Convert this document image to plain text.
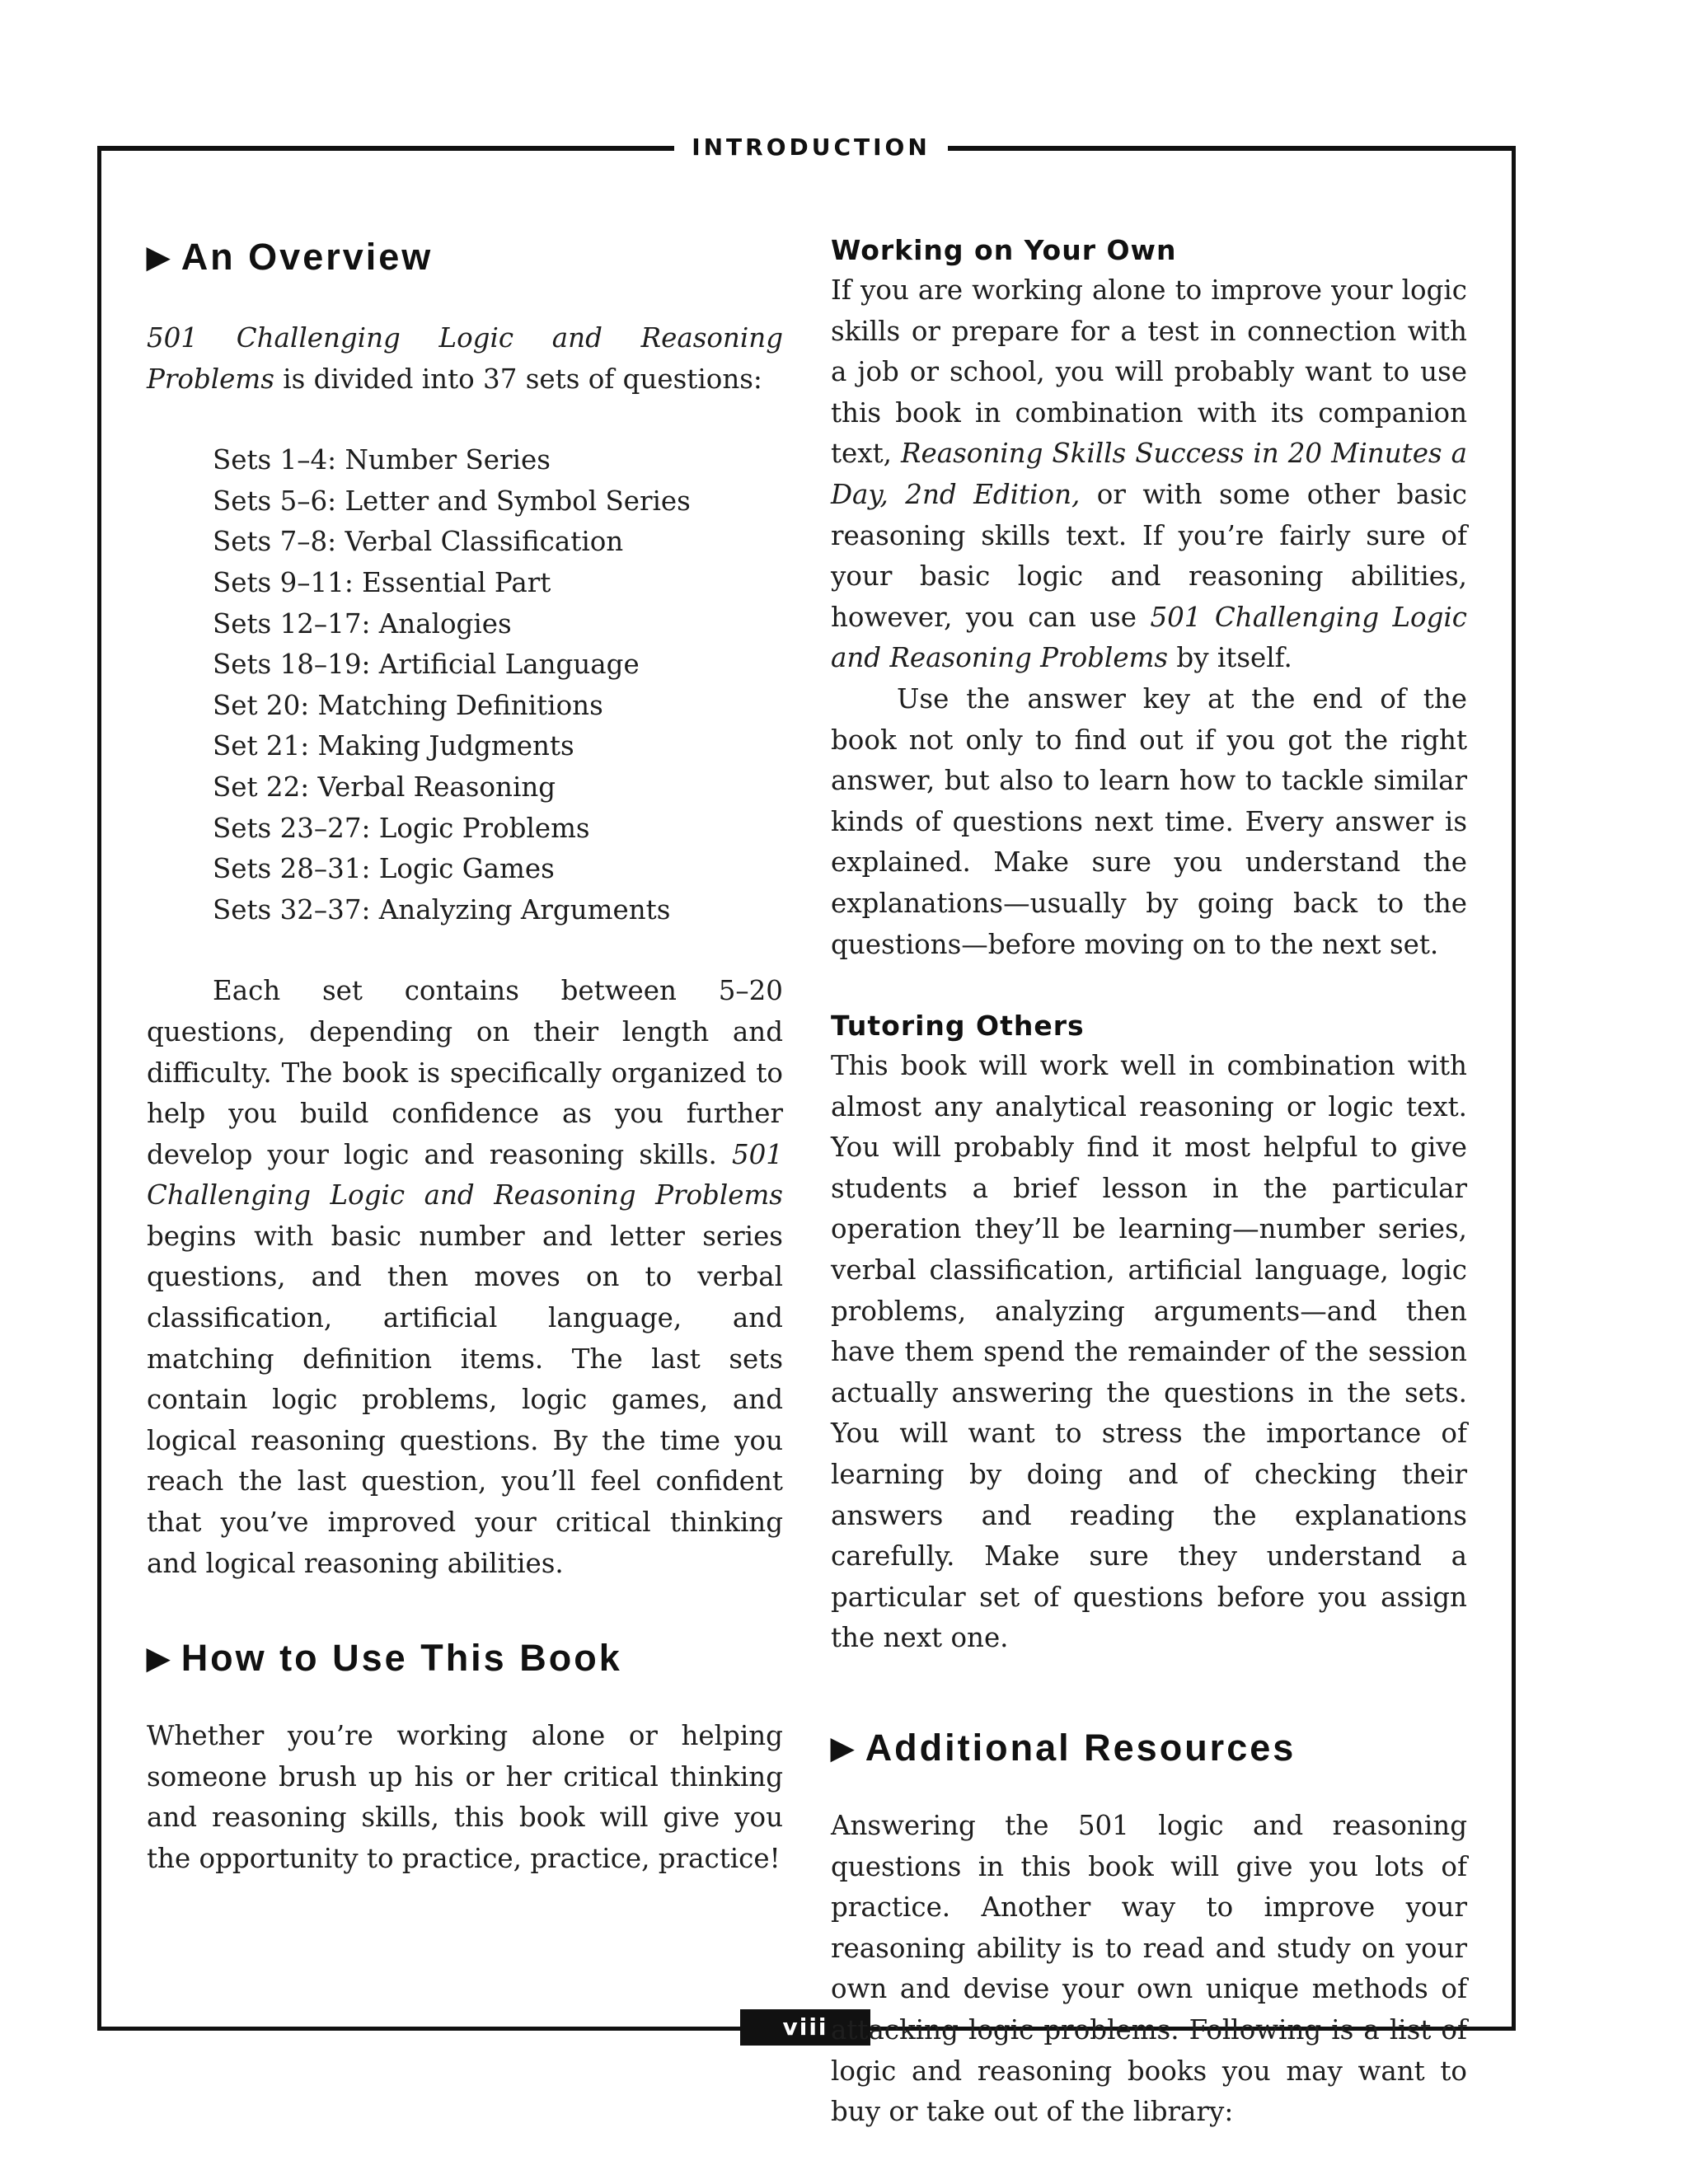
INTRODUCTION
viii
▶ An Overview

501 Challenging Logic and Reasoning Problems is divided into 37 sets of questions:

Sets 1–4: Number Series
Sets 5–6: Letter and Symbol Series
Sets 7–8: Verbal Classification
Sets 9–11: Essential Part
Sets 12–17: Analogies
Sets 18–19: Artificial Language
Set 20: Matching Definitions
Set 21: Making Judgments
Set 22: Verbal Reasoning
Sets 23–27: Logic Problems
Sets 28–31: Logic Games
Sets 32–37: Analyzing Arguments

Each set contains between 5–20 questions, depending on their length and difficulty. The book is specifically organized to help you build confidence as you further develop your logic and reasoning skills. 501 Challenging Logic and Reasoning Problems begins with basic number and letter series questions, and then moves on to verbal classification, artificial language, and matching definition items. The last sets contain logic problems, logic games, and logical reasoning questions. By the time you reach the last question, you’ll feel confident that you’ve improved your critical thinking and logical reasoning abilities.

▶ How to Use This Book

Whether you’re working alone or helping someone brush up his or her critical thinking and reasoning skills, this book will give you the opportunity to practice, practice, practice!

Working on Your Own

If you are working alone to improve your logic skills or prepare for a test in connection with a job or school, you will probably want to use this book in combination with its companion text, Reasoning Skills Success in 20 Minutes a Day, 2nd Edition, or with some other basic reasoning skills text. If you’re fairly sure of your basic logic and reasoning abilities, however, you can use 501 Challenging Logic and Reasoning Problems by itself.

Use the answer key at the end of the book not only to find out if you got the right answer, but also to learn how to tackle similar kinds of questions next time. Every answer is explained. Make sure you understand the explanations—usually by going back to the questions—before moving on to the next set.

Tutoring Others

This book will work well in combination with almost any analytical reasoning or logic text. You will probably find it most helpful to give students a brief lesson in the particular operation they’ll be learning—number series, verbal classification, artificial language, logic problems, analyzing arguments—and then have them spend the remainder of the session actually answering the questions in the sets. You will want to stress the importance of learning by doing and of checking their answers and reading the explanations carefully. Make sure they understand a particular set of questions before you assign the next one.

▶ Additional Resources

Answering the 501 logic and reasoning questions in this book will give you lots of practice. Another way to improve your reasoning ability is to read and study on your own and devise your own unique methods of attacking logic problems. Following is a list of logic and reasoning books you may want to buy or take out of the library:
